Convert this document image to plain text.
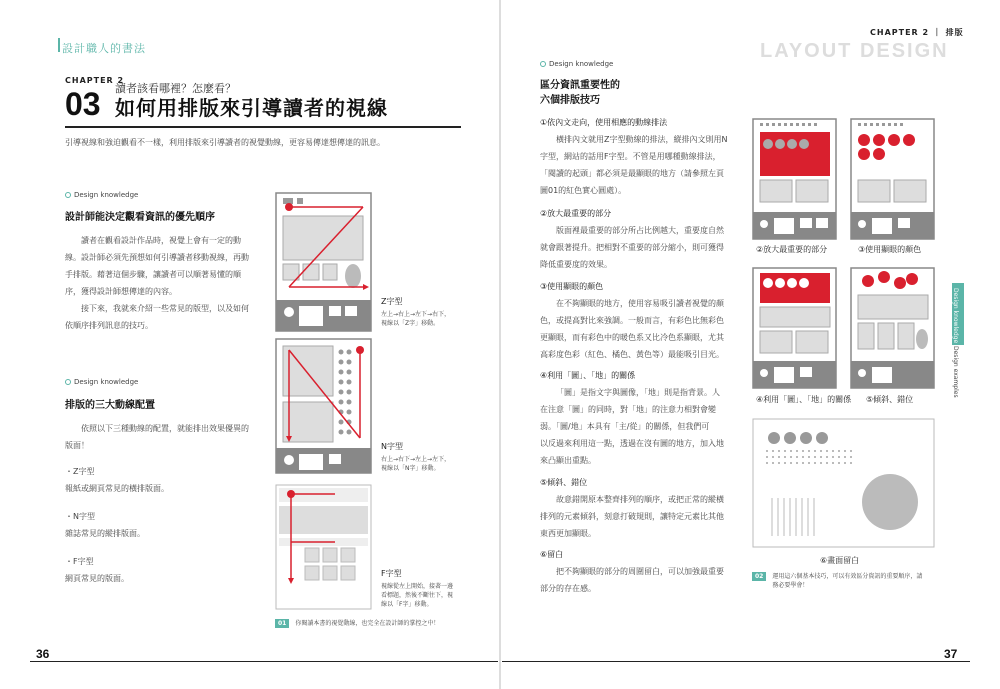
設計職人的書法
CHAPTER 2
03 讀者該看哪裡？怎麼看？
如何用排版來引導讀者的視線
引導視線和強迫觀看不一樣，利用排版來引導讀者的視覺動線，更容易傳達想傳達的訊息。
Design knowledge
設計師能決定觀看資訊的優先順序
讀者在觀看設計作品時，視覺上會有一定的動
線。設計師必須先預想如何引導讀者移動視線，再動
手排版。藉著這個步驟，讓讀者可以順著易懂的順
序，獲得設計師想傳達的內容。
接下來，我就來介紹一些常見的版型，以及如何
依順序排列訊息的技巧。
Design knowledge
排版的三大動線配置
依照以下三種動線的配置，就能排出效果優異的
版面！
・Z字型
報紙或網頁常見的橫排版面。
・N字型
雜誌常見的縱排版面。
・F字型
網頁常見的版面。
Z字型
左上→右上→左下→右下，
視線以「Z字」移動。
N字型
右上→右下→左上→左下，
視線以「N字」移動。
F字型
視線從左上開始，接著一邊
看標題，然後不斷往下，視
線以「F字」移動。
01	你閱讀本書的視覺動線，也完全在設計師的掌控之中！
36
CHAPTER 2 ｜ 排版
LAYOUT DESIGN
Design knowledge
區分資訊重要性的
六個排版技巧
①依內文走向，使用相應的動線排法
橫排內文就用Z字型動線的排法，縱排內文則用N
字型，網站的話用F字型。不管是用哪種動線排法，
「閱讀的起頭」都必須是最顯眼的地方（請參照左頁
圖01的紅色實心圓處）。
②放大最重要的部分
版面裡最重要的部分所占比例越大，重要度自然
就會跟著提升。把相對不重要的部分縮小，則可獲得
降低重要度的效果。
③使用顯眼的顏色
在不夠顯眼的地方，使用容易吸引讀者視覺的顏
色，或提高對比來強調。一般而言，有彩色比無彩色
更顯眼，而有彩色中的暖色系又比冷色系顯眼，尤其
高彩度色彩（紅色、橘色、黃色等）最能吸引目光。
④利用「圖」、「地」的關係
「圖」是指文字與圖像，「地」則是指背景。人
在注意「圖」的同時，對「地」的注意力相對會變
弱。「圖/地」本具有「主/從」的關係，但我們可
以反過來利用這一點，透過在沒有圖的地方，加入地
來凸顯出重點。
⑤傾斜、錯位
故意錯開原本整齊排列的順序，或把正常的縱橫
排列的元素傾斜，刻意打破規則，讓特定元素比其他
東西更加顯眼。
⑥留白
把不夠顯眼的部分的周圍留白，可以加強最重要
部分的存在感。
②放大最重要的部分	③使用顯眼的顏色
④利用「圖」、「地」的關係 ⑤傾斜、錯位
⑥畫面留白
02	運用這六個基本技巧，可以有效區分資訊的重要順序，請
務必要學會！
Design knowledge
Design examples
37
